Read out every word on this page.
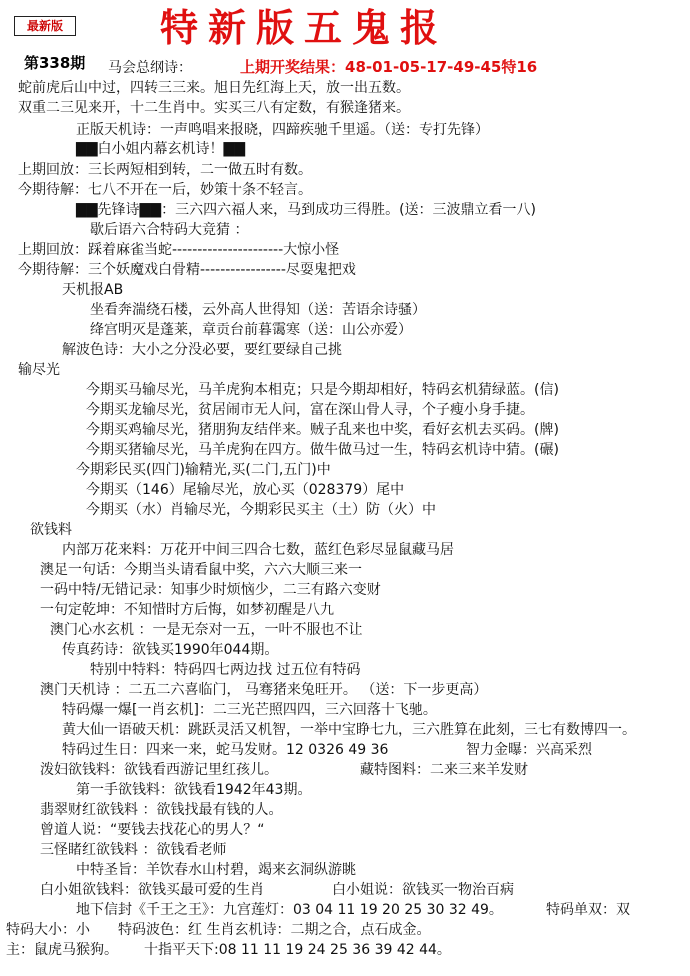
最新版	特新版五鬼报
第338期	上期开奖结果：48-01-05-17-49-45特16
马会总纲诗：
蛇前虎后山中过，四转三三来。旭日先红海上天，放一出五数。
双重二三见来开，十二生肖中。实买三八有定数，有猴逢猪来。
正版天机诗：一声鸣唱来报晓，四蹄疾驰千里遥。（送：专打先锋）
▇▇白小姐内幕玄机诗！▇▇
上期回放：三长两短相到转，二一做五时有数。
今期待解：七八不开在一后，妙策十条不轻言。
▇▇先锋诗▇▇：三六四六福人来，马到成功三得胜。(送：三波鼎立看一八)
歇后语六合特码大竞猜 ：
上期回放：踩着麻雀当蛇----------------------大惊小怪
今期待解：三个妖魔戏白骨精-----------------尽耍鬼把戏
天机报AB
坐看奔湍绕石楼，云外高人世得知（送：苦语余诗骚）
绛宫明灭是蓬莱，章贡台前暮霭寒（送：山公亦爱）
解波色诗：大小之分没必要，要红要绿自己挑
输尽光
今期买马输尽光，马羊虎狗本相克；只是今期却相好，特码玄机猜绿蓝。(信)
今期买龙输尽光，贫居闹市无人问，富在深山骨人寻，个子瘦小身手捷。
今期买鸡输尽光，猪朋狗友结伴来。贼子乱来也中奖，看好玄机去买码。(牌)
今期买猪输尽光，马羊虎狗在四方。做牛做马过一生，特码玄机诗中猜。(碾)
今期彩民买(四门)输精光,买(二门,五门)中
今期买（146）尾输尽光，放心买（028379）尾中
今期买（水）肖输尽光，今期彩民买主（土）防（火）中
欲钱料
内部万花来料：万花开中间三四合七数，蓝红色彩尽显鼠藏马居
澳足一句话：今期当头请看鼠中奖，六六大顺三来一
一码中特/无错记录：知事少时烦恼少，二三有路六变财
一句定乾坤：不知惜时方后悔，如梦初醒是八九
澳门心水玄机 ：一是无奈对一五，一叶不服也不让
传真药诗：欲钱买1990年044期。
特别中特料：特码四七两边找 过五位有特码
澳门天机诗 ：二五二六喜临门， 马骞猪来兔旺开。 （送：下一步更高）
特码爆一爆[一肖玄机]：二三光芒照四四，三六回落十飞驰。
黄大仙一语破天机：跳跃灵活又机智，一举中宝睁七九，三六胜算在此刻，三七有数博四一。
特码过生日：四来一来，蛇马发财。12 0326 49 36	智力金曝：兴高采烈
泼妇欲钱料：欲钱看西游记里红孩儿。	藏特图料：二来三来羊发财
第一手欲钱料：欲钱看1942年43期。
翡翠财红欲钱料 ：欲钱找最有钱的人。
曾道人说：“要钱去找花心的男人？“
三怪睹红欲钱料 ：欲钱看老师
中特圣旨：羊饮春水山村碧，竭来玄洞纵游眺
白小姐欲钱料：欲钱买最可爱的生肖	白小姐说：欲钱买一物治百病
地下信封《千王之王》：九宫莲灯：03 04 11 19 20 25 30 32 49。	特码单双：双
特码大小：小 特码波色：红 生肖玄机诗：二期之合，点石成金。
主：鼠虎马猴狗。 十指平天下:08 11 11 19 24 25 36 39 42 44。
